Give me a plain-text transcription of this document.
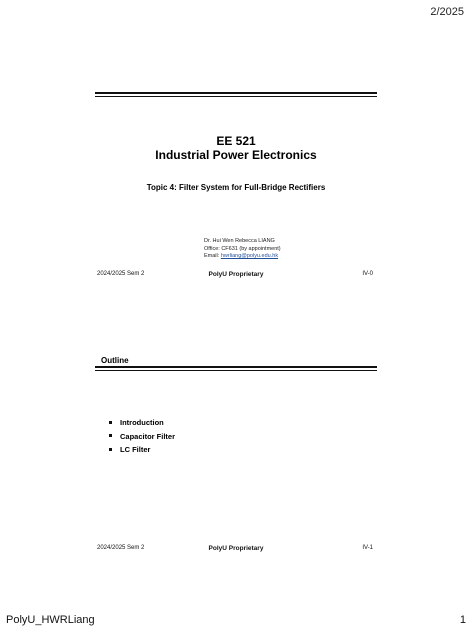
2/2025
EE 521
Industrial Power Electronics
Topic 4: Filter System for Full-Bridge Rectifiers
Dr. Hui Wen Rebecca LIANG
Office: CF631 (by appointment)
Email: hwrliang@polyu.edu.hk
2024/2025 Sem 2	PolyU Proprietary	IV-0
Outline
Introduction
Capacitor Filter
LC Filter
2024/2025 Sem 2	PolyU Proprietary	IV-1
PolyU_HWRLiang	1
